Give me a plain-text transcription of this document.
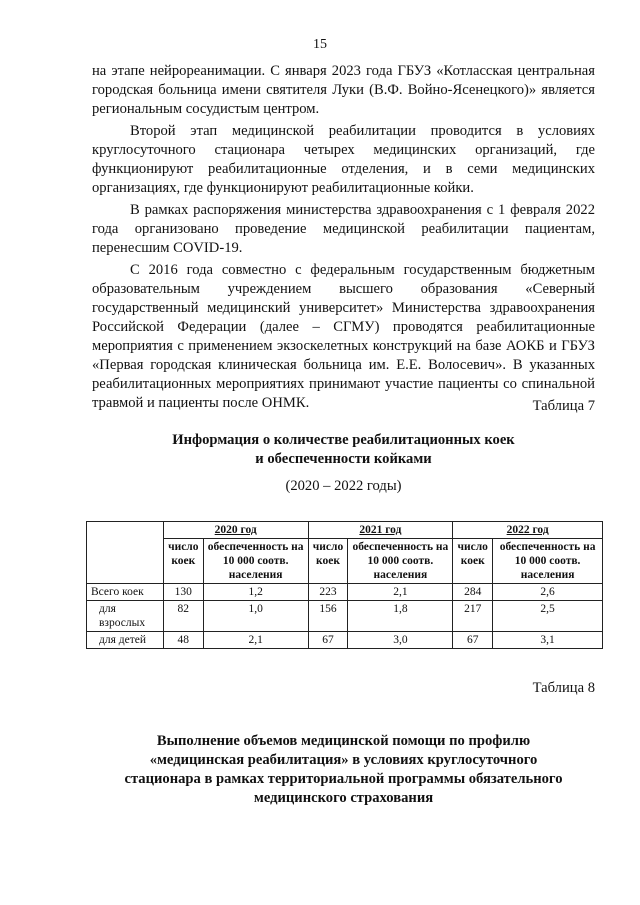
15

на этапе нейрореанимации. С января 2023 года ГБУЗ «Котласская центральная городская больница имени святителя Луки (В.Ф. Войно-Ясенецкого)» является региональным сосудистым центром.

Второй этап медицинской реабилитации проводится в условиях круглосуточного стационара четырех медицинских организаций, где функционируют реабилитационные отделения, и в семи медицинских организациях, где функционируют реабилитационные койки.

В рамках распоряжения министерства здравоохранения с 1 февраля 2022 года организовано проведение медицинской реабилитации пациентам, перенесшим COVID-19.

С 2016 года совместно с федеральным государственным бюджетным образовательным учреждением высшего образования «Северный государственный медицинский университет» Министерства здравоохранения Российской Федерации (далее – СГМУ) проводятся реабилитационные мероприятия с применением экзоскелетных конструкций на базе АОКБ и ГБУЗ «Первая городская клиническая больница им. Е.Е. Волосевич». В указанных реабилитационных мероприятиях принимают участие пациенты со спинальной травмой и пациенты после ОНМК.	Таблица 7
Информация о количестве реабилитационных коек
и обеспеченности койками
(2020 – 2022 годы)
	2020 год		2021 год		2022 год	
	число коек	обеспеченность на 10 000 соотв. населения	число коек	обеспеченность на 10 000 соотв. населения	число коек	обеспеченность на 10 000 соотв. населения
Всего коек	130	1,2	223	2,1	284	2,6
для взрослых	82	1,0	156	1,8	217	2,5
для детей	48	2,1	67	3,0	67	3,1
Таблица 8
Выполнение объемов медицинской помощи по профилю
«медицинская реабилитация» в условиях круглосуточного
стационара в рамках территориальной программы обязательного
медицинского страхования
